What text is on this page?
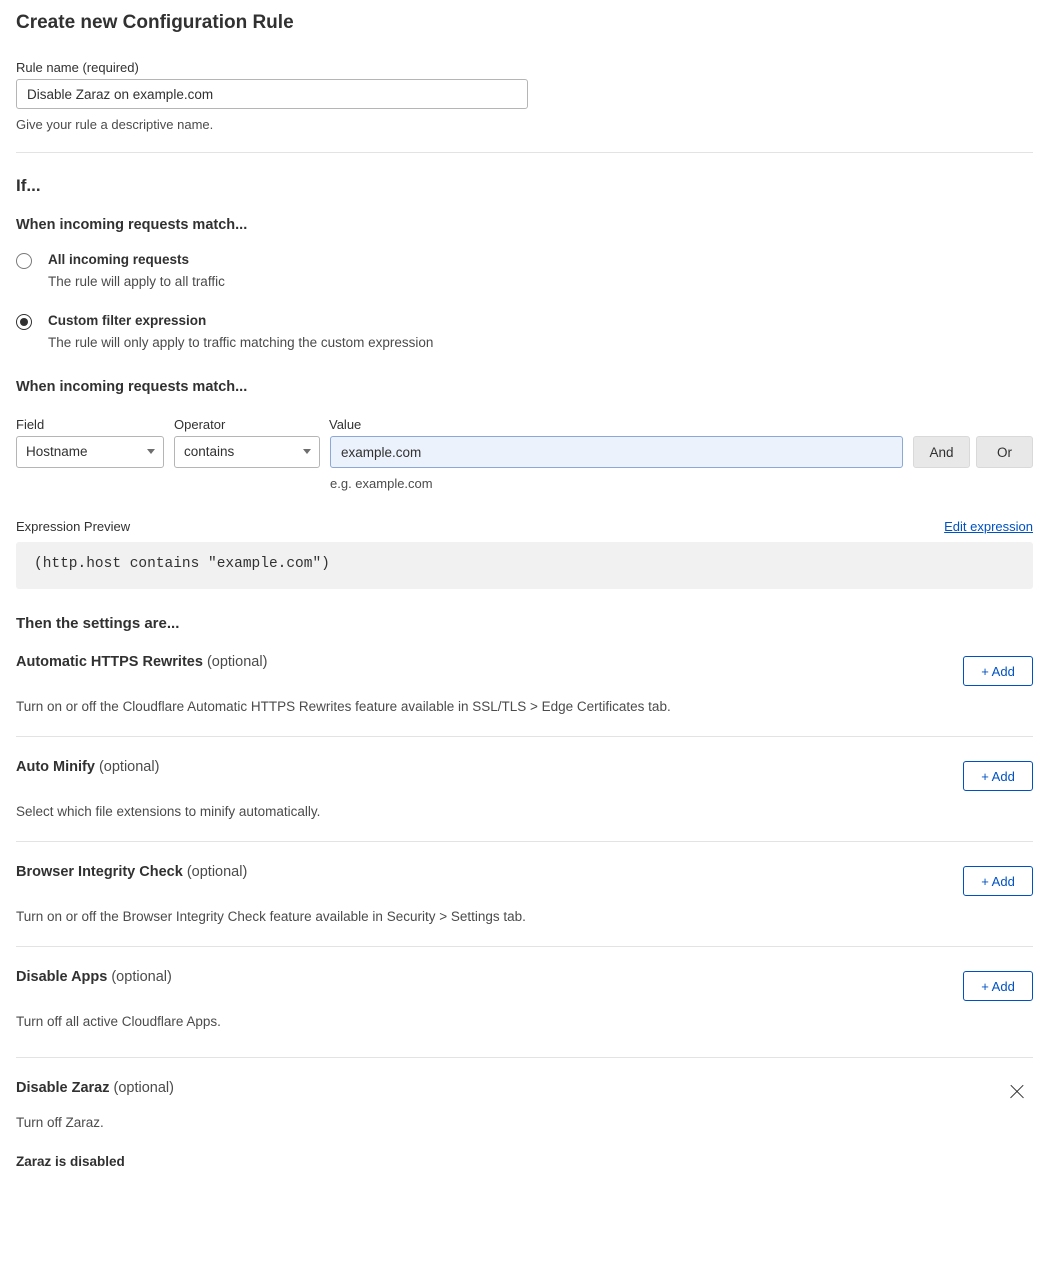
Create new Configuration Rule
Rule name (required)
Disable Zaraz on example.com
Give your rule a descriptive name.
If...
When incoming requests match...
All incoming requests
The rule will apply to all traffic
Custom filter expression
The rule will only apply to traffic matching the custom expression
When incoming requests match...
Field	Operator	Value
Hostname	contains
example.com
e.g. example.com
And	Or
Expression Preview	Edit expression
(http.host contains "example.com")
Then the settings are...
Automatic HTTPS Rewrites (optional)
+ Add
Turn on or off the Cloudflare Automatic HTTPS Rewrites feature available in SSL/TLS > Edge Certificates tab.
Auto Minify (optional)
+ Add
Select which file extensions to minify automatically.
Browser Integrity Check (optional)
+ Add
Turn on or off the Browser Integrity Check feature available in Security > Settings tab.
Disable Apps (optional)
+ Add
Turn off all active Cloudflare Apps.
Disable Zaraz (optional)
Turn off Zaraz.
Zaraz is disabled
